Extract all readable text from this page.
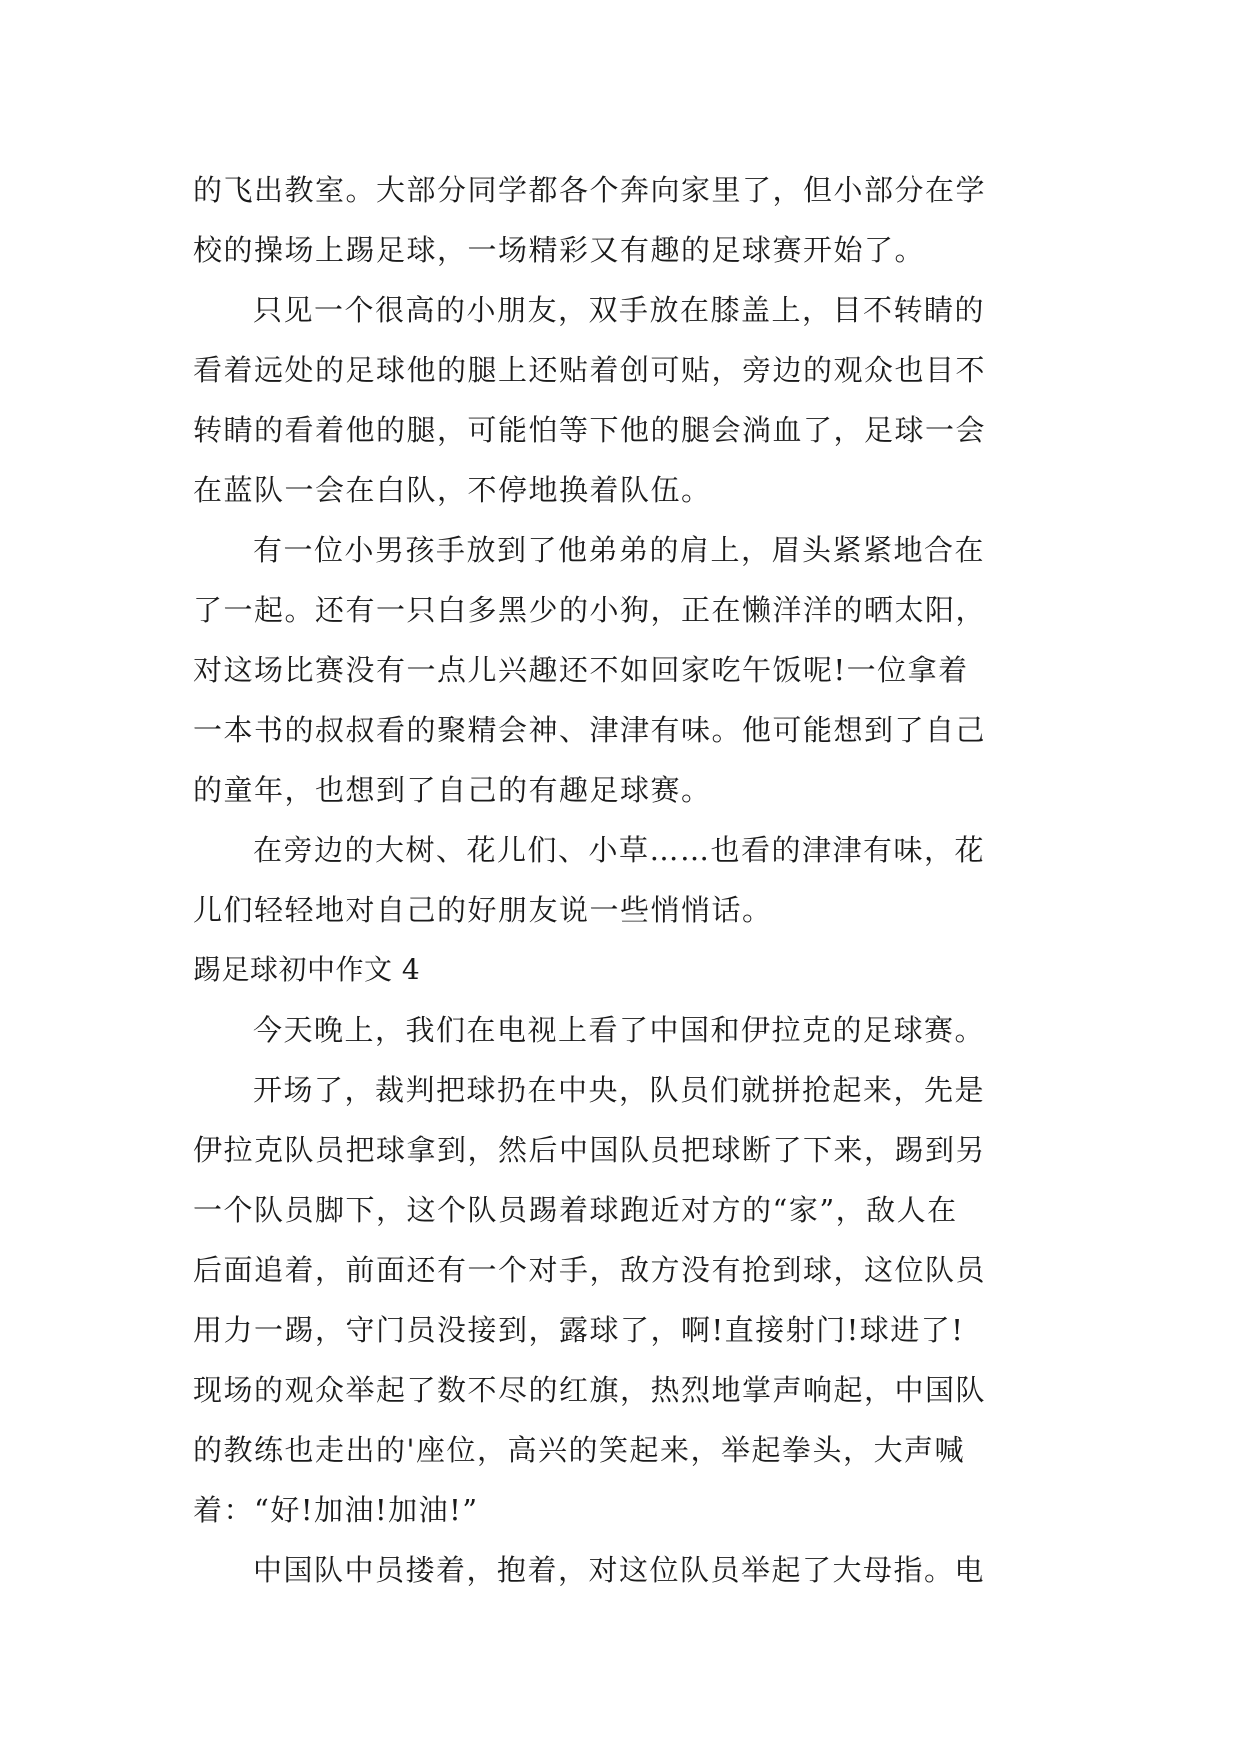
的飞出教室。大部分同学都各个奔向家里了，但小部分在学
校的操场上踢足球，一场精彩又有趣的足球赛开始了。
只见一个很高的小朋友，双手放在膝盖上，目不转睛的
看着远处的足球他的腿上还贴着创可贴，旁边的观众也目不
转睛的看着他的腿，可能怕等下他的腿会淌血了，足球一会
在蓝队一会在白队，不停地换着队伍。
有一位小男孩手放到了他弟弟的肩上，眉头紧紧地合在
了一起。还有一只白多黑少的小狗，正在懒洋洋的晒太阳，
对这场比赛没有一点儿兴趣还不如回家吃午饭呢!一位拿着
一本书的叔叔看的聚精会神、津津有味。他可能想到了自己
的童年，也想到了自己的有趣足球赛。
在旁边的大树、花儿们、小草……也看的津津有味，花
儿们轻轻地对自己的好朋友说一些悄悄话。
踢足球初中作文 4
今天晚上，我们在电视上看了中国和伊拉克的足球赛。
开场了，裁判把球扔在中央，队员们就拼抢起来，先是
伊拉克队员把球拿到，然后中国队员把球断了下来，踢到另
一个队员脚下，这个队员踢着球跑近对方的“家”，敌人在
后面追着，前面还有一个对手，敌方没有抢到球，这位队员
用力一踢，守门员没接到，露球了，啊!直接射门!球进了!
现场的观众举起了数不尽的红旗，热烈地掌声响起，中国队
的教练也走出的'座位，高兴的笑起来，举起拳头，大声喊
着：“好!加油!加油!”
中国队中员搂着，抱着，对这位队员举起了大母指。电
